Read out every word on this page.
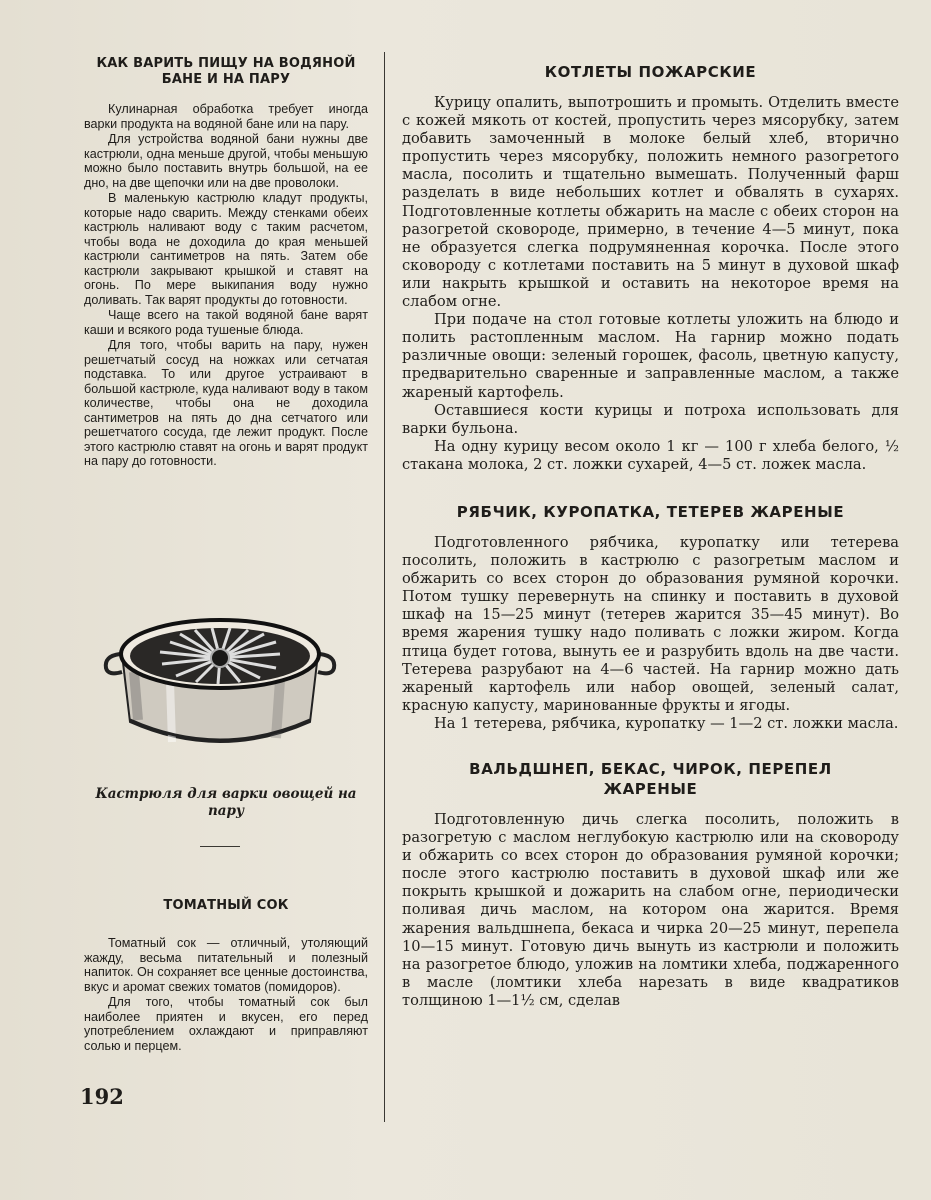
КАК ВАРИТЬ ПИЩУ НА ВОДЯНОЙ БАНЕ И НА ПАРУ

Кулинарная обработка требует иногда варки продукта на водяной бане или на пару.

Для устройства водяной бани нужны две кастрюли, одна меньше другой, чтобы меньшую можно было поставить внутрь большой, на ее дно, на две щепочки или на две проволоки.

В маленькую кастрюлю кладут продукты, которые надо сварить. Между стенками обеих кастрюль наливают воду с таким расчетом, чтобы вода не доходила до края меньшей кастрюли сантиметров на пять. Затем обе кастрюли закрывают крышкой и ставят на огонь. По мере выкипания воду нужно доливать. Так варят продукты до готовности.

Чаще всего на такой водяной бане варят каши и всякого рода тушеные блюда.

Для того, чтобы варить на пару, нужен решетчатый сосуд на ножках или сетчатая подставка. То или другое устраивают в большой кастрюле, куда наливают воду в таком количестве, чтобы она не доходила сантиметров на пять до дна сетчатого или решетчатого сосуда, где лежит продукт. После этого кастрюлю ставят на огонь и варят продукт на пару до готовности.

Кастрюля для варки овощей на пару
ТОМАТНЫЙ СОК

Томатный сок — отличный, утоляющий жажду, весьма питательный и полезный напиток. Он сохраняет все ценные достоинства, вкус и аромат свежих томатов (помидоров).

Для того, чтобы томатный сок был наиболее приятен и вкусен, его перед употреблением охлаждают и приправляют солью и перцем.

192
КОТЛЕТЫ ПОЖАРСКИЕ

Курицу опалить, выпотрошить и промыть. Отделить вместе с кожей мякоть от костей, пропустить через мясорубку, затем добавить замоченный в молоке белый хлеб, вторично пропустить через мясорубку, положить немного разогретого масла, посолить и тщательно вымешать. Полученный фарш разделать в виде небольших котлет и обвалять в сухарях. Подготовленные котлеты обжарить на масле с обеих сторон на разогретой сковороде, примерно, в течение 4—5 минут, пока не образуется слегка подрумяненная корочка. После этого сковороду с котлетами поставить на 5 минут в духовой шкаф или накрыть крышкой и оставить на некоторое время на слабом огне.

При подаче на стол готовые котлеты уложить на блюдо и полить растопленным маслом. На гарнир можно подать различные овощи: зеленый горошек, фасоль, цветную капусту, предварительно сваренные и заправленные маслом, а также жареный картофель.

Оставшиеся кости курицы и потроха использовать для варки бульона.

На одну курицу весом около 1 кг — 100 г хлеба белого, ½ стакана молока, 2 ст. ложки сухарей, 4—5 ст. ложек масла.

РЯБЧИК, КУРОПАТКА, ТЕТЕРЕВ ЖАРЕНЫЕ

Подготовленного рябчика, куропатку или тетерева посолить, положить в кастрюлю с разогретым маслом и обжарить со всех сторон до образования румяной корочки. Потом тушку перевернуть на спинку и поставить в духовой шкаф на 15—25 минут (тетерев жарится 35—45 минут). Во время жарения тушку надо поливать с ложки жиром. Когда птица будет готова, вынуть ее и разрубить вдоль на две части. Тетерева разрубают на 4—6 частей. На гарнир можно дать жареный картофель или набор овощей, зеленый салат, красную капусту, маринованные фрукты и ягоды.

На 1 тетерева, рябчика, куропатку — 1—2 ст. ложки масла.

ВАЛЬДШНЕП, БЕКАС, ЧИРОК, ПЕРЕПЕЛ ЖАРЕНЫЕ

Подготовленную дичь слегка посолить, положить в разогретую с маслом неглубокую кастрюлю или на сковороду и обжарить со всех сторон до образования румяной корочки; после этого кастрюлю поставить в духовой шкаф или же покрыть крышкой и дожарить на слабом огне, периодически поливая дичь маслом, на котором она жарится. Время жарения вальдшнепа, бекаса и чирка 20—25 минут, перепела 10—15 минут. Готовую дичь вынуть из кастрюли и положить на разогретое блюдо, уложив на ломтики хлеба, поджаренного в масле (ломтики хлеба нарезать в виде квадратиков толщиною 1—1½ см, сделав
